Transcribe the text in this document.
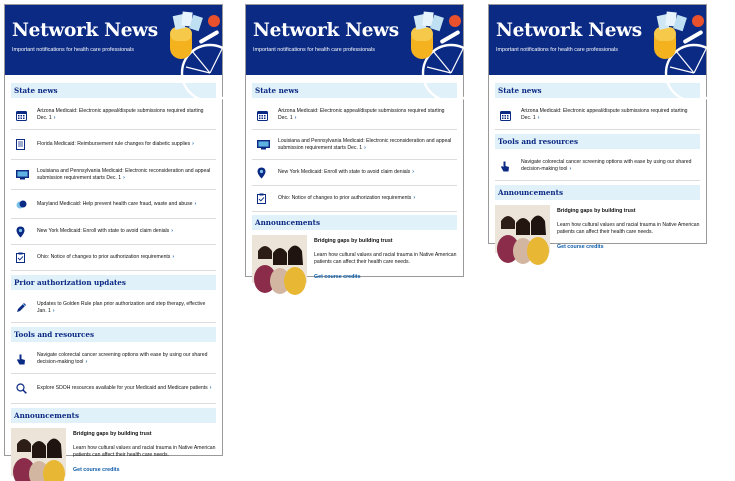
Network News
Important notifications for health care professionals
State news
Arizona Medicaid: Electronic appeal/dispute submissions required starting Dec. 1 ›
Florida Medicaid: Reimbursement rule changes for diabetic supplies ›
Louisiana and Pennsylvania Medicaid: Electronic reconsideration and appeal submission requirement starts Dec. 1 ›
Maryland Medicaid: Help prevent health care fraud, waste and abuse ›
New York Medicaid: Enroll with state to avoid claim denials ›
Ohio: Notice of changes to prior authorization requirements ›
Prior authorization updates
Updates to Golden Rule plan prior authorization and step therapy, effective Jan. 1 ›
Tools and resources
Navigate colorectal cancer screening options with ease by using our shared decision-making tool ›
Explore SDOH resources available for your Medicaid and Medicare patients ›
Announcements
Bridging gaps by building trust
Learn how cultural values and racial trauma in Native American patients can affect their health care needs.
Get course credits
Network News
Important notifications for health care professionals
State news
Arizona Medicaid: Electronic appeal/dispute submissions required starting Dec. 1 ›
Louisiana and Pennsylvania Medicaid: Electronic reconsideration and appeal submission requirement starts Dec. 1 ›
New York Medicaid: Enroll with state to avoid claim denials ›
Ohio: Notice of changes to prior authorization requirements ›
Announcements
Bridging gaps by building trust
Learn how cultural values and racial trauma in Native American patients can affect their health care needs.
Get course credits
Network News
Important notifications for health care professionals
State news
Arizona Medicaid: Electronic appeal/dispute submissions required starting Dec. 1 ›
Tools and resources
Navigate colorectal cancer screening options with ease by using our shared decision-making tool ›
Announcements
Bridging gaps by building trust
Learn how cultural values and racial trauma in Native American patients can affect their health care needs.
Get course credits
